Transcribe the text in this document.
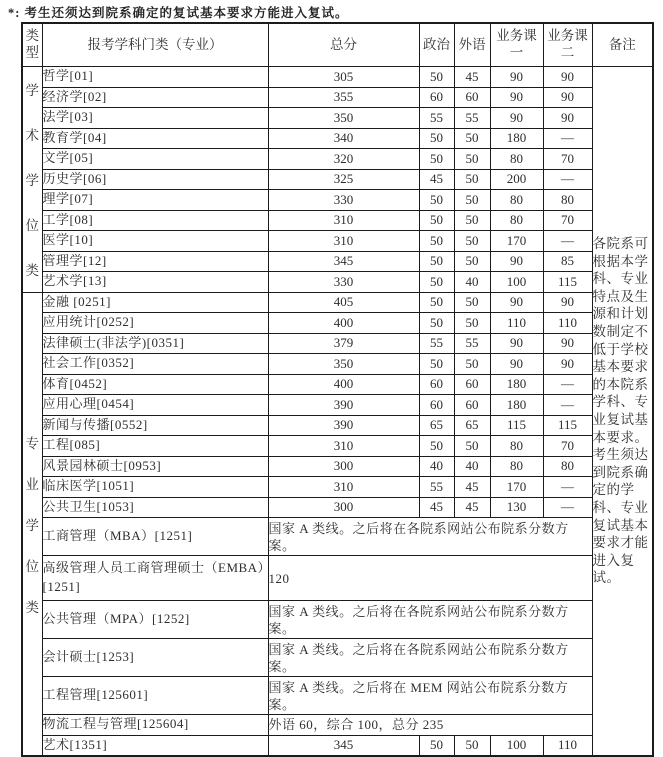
*: 考生还须达到院系确定的复试基本要求方能进入复试。
类型	报考学科门类（专业）	总分	政治	外语	业务课一	业务课二	备注

学
术
学
位
类	哲学[01]	305	50	45	90	90	各院系可根据本学科、专业特点及生源和计划数制定不低于学校基本要求的本院系学科、专业复试基本要求。考生须达到院系确定的学科、专业复试基本要求才能进入复试。
	经济学[02]	355	60	60	90	90	
	法学[03]	350	55	55	90	90	
	教育学[04]	340	50	50	180	—	
	文学[05]	320	50	50	80	70	
	历史学[06]	325	45	50	200	—	
	理学[07]	330	50	50	80	80	
	工学[08]	310	50	50	80	70	
	医学[10]	310	50	50	170	—	
	管理学[12]	345	50	50	90	85	
	艺术学[13]	330	50	40	100	115	

专
业
学
位
类	金融 [0251]	405	50	50	90	90	
	应用统计[0252]	400	50	50	110	110	
	法律硕士(非法学)[0351]	379	55	55	90	90	
	社会工作[0352]	350	50	50	90	90	
	体育[0452]	400	60	60	180	—	
	应用心理[0454]	390	60	60	180	—	
	新闻与传播[0552]	390	65	65	115	115	
	工程[085]	310	50	50	80	70	
	风景园林硕士[0953]	300	40	40	80	80	
	临床医学[1051]	310	55	45	170	—	
	公共卫生[1053]	300	45	45	130	—	
	工商管理（MBA）[1251]	国家 A 类线。之后将在各院系网站公布院系分数方案。					
	高级管理人员工商管理硕士（EMBA）[1251]	120					
	公共管理（MPA）[1252]	国家 A 类线。之后将在各院系网站公布院系分数方案。					
	会计硕士[1253]	国家 A 类线。之后将在各院系网站公布院系分数方案。					
	工程管理[125601]	国家 A 类线。之后将在 MEM 网站公布院系分数方案。					
	物流工程与管理[125604]	外语 60，综合 100，总分 235					
	艺术[1351]	345	50	50	100	110	
